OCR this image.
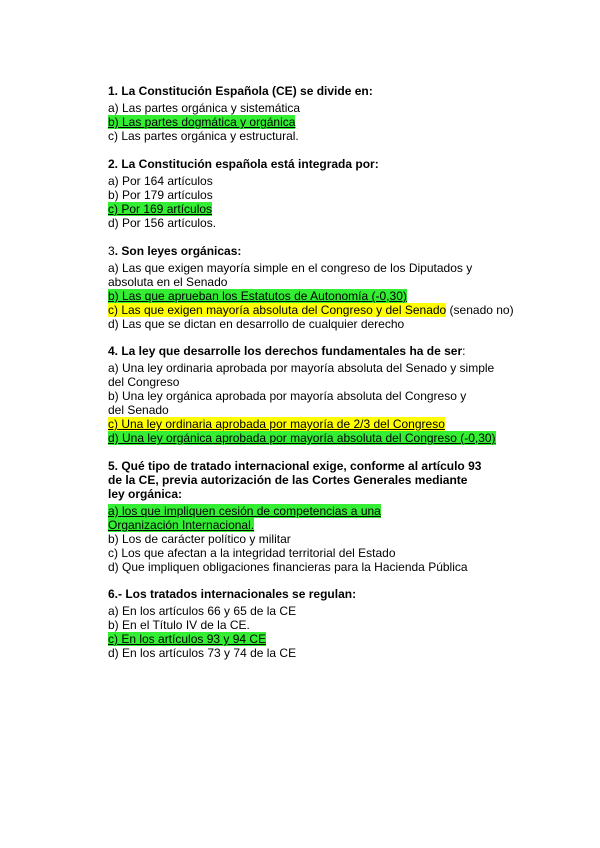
1. La Constitución Española (CE) se divide en:
a) Las partes orgánica y sistemática
b) Las partes dogmática y orgánica
c) Las partes orgánica y estructural.
2. La Constitución española está integrada por:
a) Por 164 artículos
b) Por 179 artículos
c) Por 169 artículos
d) Por 156 artículos.
3. Son leyes orgánicas:
a) Las que exigen mayoría simple en el congreso de los Diputados y
absoluta en el Senado
b) Las que aprueban los Estatutos de Autonomía (-0,30)
c) Las que exigen mayoría absoluta del Congreso y del Senado (senado no)
d) Las que se dictan en desarrollo de cualquier derecho
4. La ley que desarrolle los derechos fundamentales ha de ser:
a) Una ley ordinaria aprobada por mayoría absoluta del Senado y simple
del Congreso
b) Una ley orgánica aprobada por mayoría absoluta del Congreso y
del Senado
c) Una ley ordinaria aprobada por mayoría de 2/3 del Congreso
d) Una ley orgánica aprobada por mayoría absoluta del Congreso (-0,30)
5. Qué tipo de tratado internacional exige, conforme al artículo 93
de la CE, previa autorización de las Cortes Generales mediante
ley orgánica:
a) los que impliquen cesión de competencias a una
Organización Internacional.
b) Los de carácter político y militar
c) Los que afectan a la integridad territorial del Estado
d) Que impliquen obligaciones financieras para la Hacienda Pública
6.- Los tratados internacionales se regulan:
a) En los artículos 66 y 65 de la CE
b) En el Título IV de la CE.
c) En los artículos 93 y 94 CE
d) En los artículos 73 y 74 de la CE
